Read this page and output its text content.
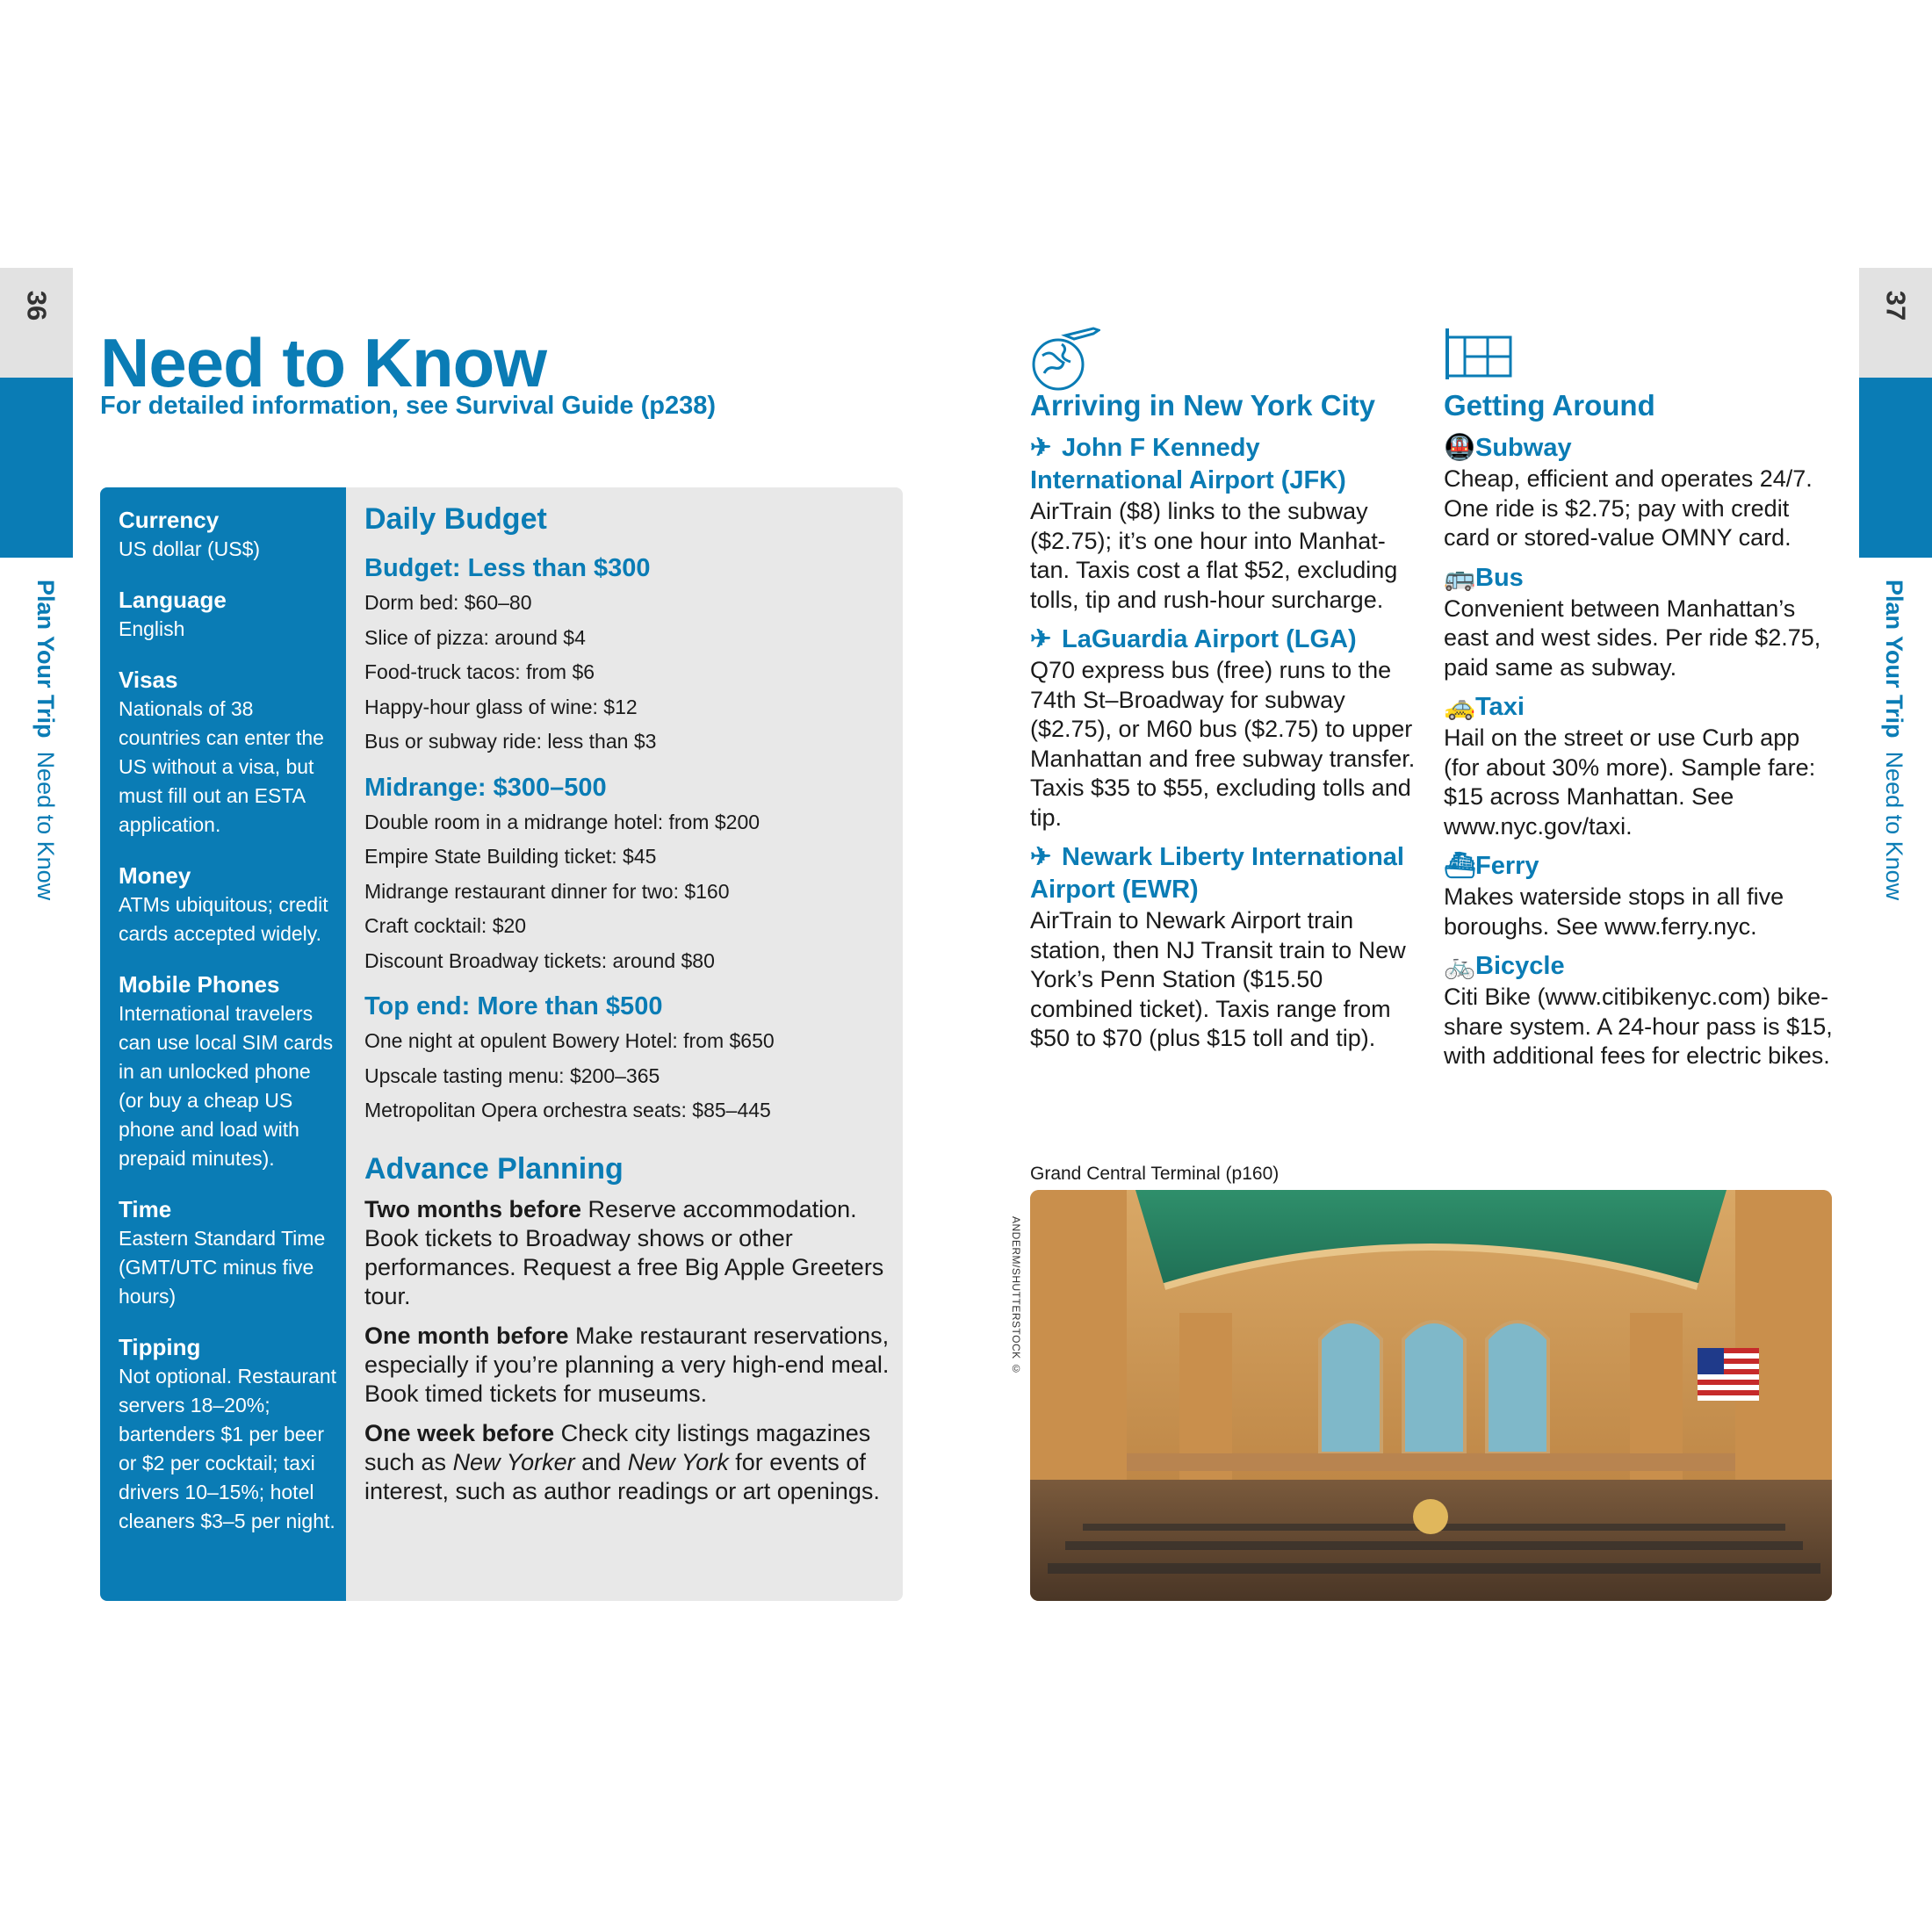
36
Plan Your Trip  Need to Know
37
Plan Your Trip  Need to Know
Need to Know
For detailed information, see Survival Guide (p238)
Currency
US dollar (US$)
Language
English
Visas
Nationals of 38 countries can enter the US without a visa, but must fill out an ESTA application.
Money
ATMs ubiquitous; credit cards accepted widely.
Mobile Phones
International travelers can use local SIM cards in an unlocked phone (or buy a cheap US phone and load with prepaid minutes).
Time
Eastern Standard Time (GMT/UTC minus five hours)
Tipping
Not optional. Restaurant servers 18–20%; bartenders $1 per beer or $2 per cocktail; taxi drivers 10–15%; hotel cleaners $3–5 per night.
Daily Budget
Budget: Less than $300
Dorm bed: $60–80
Slice of pizza: around $4
Food-truck tacos: from $6
Happy-hour glass of wine: $12
Bus or subway ride: less than $3
Midrange: $300–500
Double room in a midrange hotel: from $200
Empire State Building ticket: $45
Midrange restaurant dinner for two: $160
Craft cocktail: $20
Discount Broadway tickets: around $80
Top end: More than $500
One night at opulent Bowery Hotel: from $650
Upscale tasting menu: $200–365
Metropolitan Opera orchestra seats: $85–445
Advance Planning
Two months before Reserve accommodation. Book tickets to Broadway shows or other performances. Request a free Big Apple Greeters tour.
One month before Make restaurant reservations, especially if you’re planning a very high-end meal. Book timed tickets for museums.
One week before Check city listings magazines such as New Yorker and New York for events of interest, such as author readings or art openings.
Arriving in New York City
✈ John F Kennedy International Airport (JFK)
AirTrain ($8) links to the subway ($2.75); it’s one hour into Manhattan. Taxis cost a flat $52, excluding tolls, tip and rush-hour surcharge.
✈ LaGuardia Airport (LGA)
Q70 express bus (free) runs to the 74th St–Broadway for subway ($2.75), or M60 bus ($2.75) to upper Manhattan and free subway transfer. Taxis $35 to $55, excluding tolls and tip.
✈ Newark Liberty International Airport (EWR)
AirTrain to Newark Airport train station, then NJ Transit train to New York’s Penn Station ($15.50 combined ticket). Taxis range from $50 to $70 (plus $15 toll and tip).
Getting Around
🚇Subway
Cheap, efficient and operates 24/7. One ride is $2.75; pay with credit card or stored-value OMNY card.
🚌Bus
Convenient between Manhattan’s east and west sides. Per ride $2.75, paid same as subway.
🚕Taxi
Hail on the street or use Curb app (for about 30% more). Sample fare: $15 across Manhattan. See www.nyc.gov/taxi.
⛴Ferry
Makes waterside stops in all five boroughs. See www.ferry.nyc.
🚲Bicycle
Citi Bike (www.citibikenyc.com) bike-share system. A 24-hour pass is $15, with additional fees for electric bikes.
Grand Central Terminal (p160)
ANDERM/SHUTTERSTOCK ©
